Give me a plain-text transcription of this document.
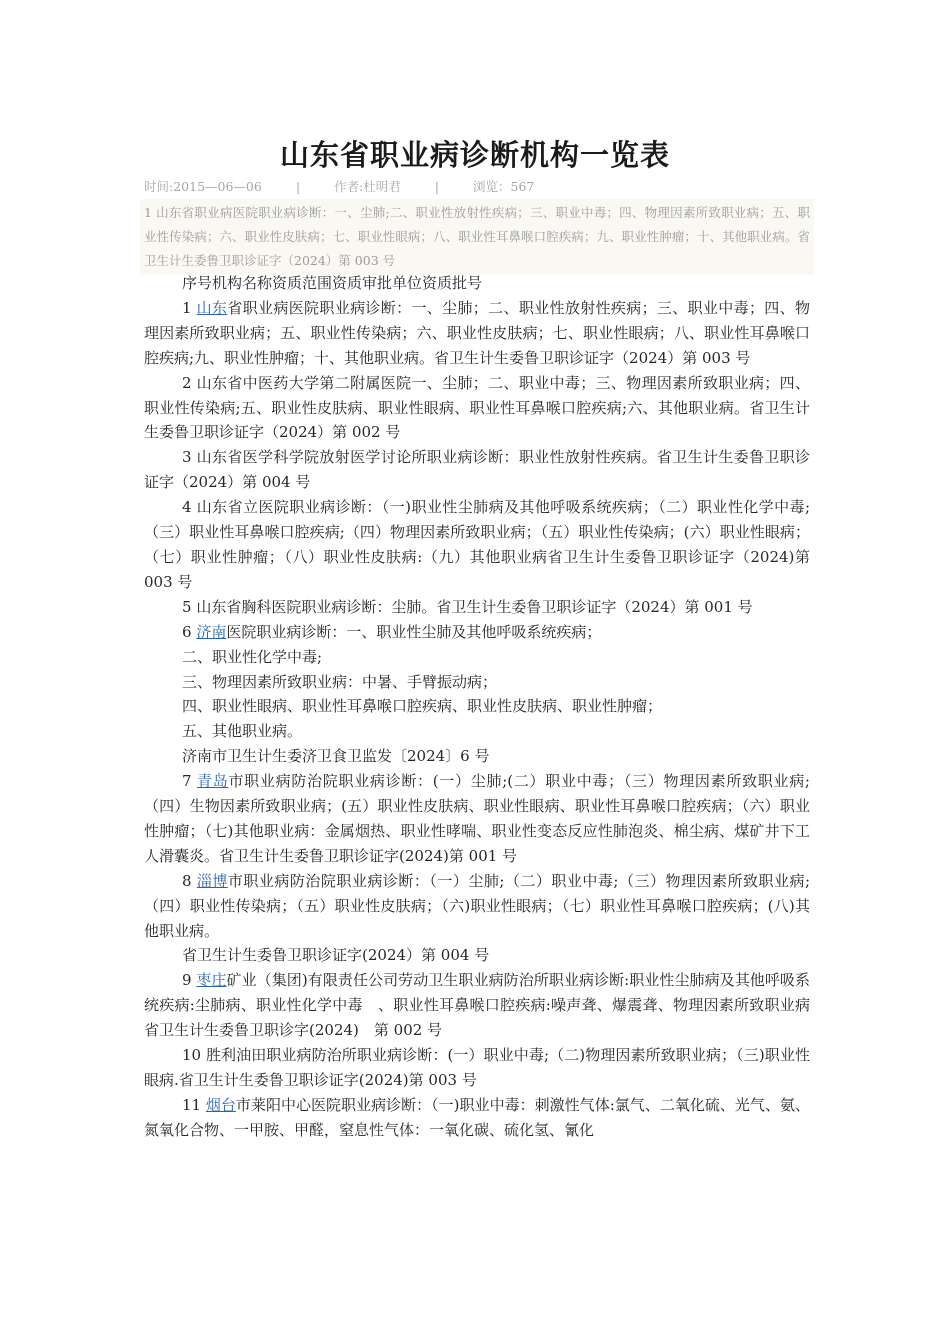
山东省职业病诊断机构一览表
时间:2015—06—06	|	作者:杜明君	|	浏览：567
1 山东省职业病医院职业病诊断：一、尘肺;二、职业性放射性疾病；三、职业中毒；四、物理因素所致职业病；五、职业性传染病；六、职业性皮肤病；七、职业性眼病；八、职业性耳鼻喉口腔疾病；九、职业性肿瘤；十、其他职业病。省卫生计生委鲁卫职诊证字（2024）第 003 号

序号机构名称资质范围资质审批单位资质批号

1 山东省职业病医院职业病诊断：一、尘肺；二、职业性放射性疾病；三、职业中毒；四、物理因素所致职业病；五、职业性传染病；六、职业性皮肤病；七、职业性眼病；八、职业性耳鼻喉口腔疾病;九、职业性肿瘤；十、其他职业病。省卫生计生委鲁卫职诊证字（2024）第 003 号

2 山东省中医药大学第二附属医院一、尘肺；二、职业中毒；三、物理因素所致职业病；四、职业性传染病;五、职业性皮肤病、职业性眼病、职业性耳鼻喉口腔疾病;六、其他职业病。省卫生计生委鲁卫职诊证字（2024）第 002 号

3 山东省医学科学院放射医学讨论所职业病诊断：职业性放射性疾病。省卫生计生委鲁卫职诊证字（2024）第 004 号

4 山东省立医院职业病诊断：（一)职业性尘肺病及其他呼吸系统疾病；（二）职业性化学中毒;（三）职业性耳鼻喉口腔疾病;（四）物理因素所致职业病；（五）职业性传染病；(六）职业性眼病；（七）职业性肿瘤；（八）职业性皮肤病:（九）其他职业病省卫生计生委鲁卫职诊证字（2024)第 003 号

5 山东省胸科医院职业病诊断：尘肺。省卫生计生委鲁卫职诊证字（2024）第 001 号

6 济南医院职业病诊断：一、职业性尘肺及其他呼吸系统疾病；

二、职业性化学中毒;

三、物理因素所致职业病：中暑、手臂振动病；

四、职业性眼病、职业性耳鼻喉口腔疾病、职业性皮肤病、职业性肿瘤；

五、其他职业病。

济南市卫生计生委济卫食卫监发〔2024〕6 号

7 青岛市职业病防治院职业病诊断：(一）尘肺;(二）职业中毒；（三）物理因素所致职业病;（四）生物因素所致职业病；(五）职业性皮肤病、职业性眼病、职业性耳鼻喉口腔疾病；（六）职业性肿瘤；（七)其他职业病：金属烟热、职业性哮喘、职业性变态反应性肺泡炎、棉尘病、煤矿井下工人滑囊炎。省卫生计生委鲁卫职诊证字(2024)第 001 号

8 淄博市职业病防治院职业病诊断：（一）尘肺;（二）职业中毒;（三）物理因素所致职业病;（四）职业性传染病；（五）职业性皮肤病；（六)职业性眼病；（七）职业性耳鼻喉口腔疾病；(八)其他职业病。

省卫生计生委鲁卫职诊证字(2024）第 004 号

9 枣庄矿业（集团)有限责任公司劳动卫生职业病防治所职业病诊断:职业性尘肺病及其他呼吸系统疾病:尘肺病、职业性化学中毒　、职业性耳鼻喉口腔疾病:噪声聋、爆震聋、物理因素所致职业病省卫生计生委鲁卫职诊字(2024)　第 002 号

10 胜利油田职业病防治所职业病诊断：(一）职业中毒;（二)物理因素所致职业病；（三)职业性眼病.省卫生计生委鲁卫职诊证字(2024)第 003 号

11 烟台市莱阳中心医院职业病诊断：（一)职业中毒：刺激性气体:氯气、二氧化硫、光气、氨、氮氧化合物、一甲胺、甲醛，窒息性气体：一氧化碳、硫化氢、氰化
